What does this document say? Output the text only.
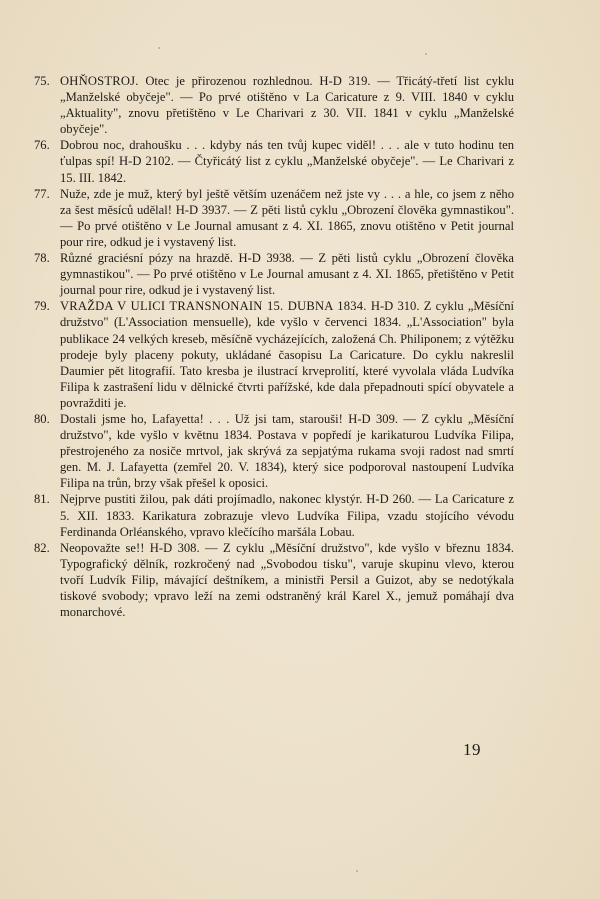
75. OHŇOSTROJ. Otec je přirozenou rozhlednou. H-D 319. — Třicátý-třetí list cyklu „Manželské obyčeje". — Po prvé otištěno v La Caricature z 9. VIII. 1840 v cyklu „Aktuality", znovu přetištěno v Le Charivari z 30. VII. 1841 v cyklu „Manželské obyčeje".
76. Dobrou noc, drahoušku . . . kdyby nás ten tvůj kupec viděl! . . . ale v tuto hodinu ten ťulpas spí! H-D 2102. — Čtyřicátý list z cyklu „Manželské obyčeje". — Le Charivari z 15. III. 1842.
77. Nuže, zde je muž, který byl ještě větším uzenáčem než jste vy . . . a hle, co jsem z něho za šest měsíců udělal! H-D 3937. — Z pěti listů cyklu „Obrození člověka gymnastikou". — Po prvé otištěno v Le Journal amusant z 4. XI. 1865, znovu otištěno v Petit journal pour rire, odkud je i vystavený list.
78. Různé graciésní pózy na hrazdě. H-D 3938. — Z pěti listů cyklu „Obrození člověka gymnastikou". — Po prvé otištěno v Le Journal amusant z 4. XI. 1865, přetištěno v Petit journal pour rire, odkud je i vystavený list.
79. VRAŽDA V ULICI TRANSNONAIN 15. DUBNA 1834. H-D 310. Z cyklu „Měsíční družstvo" (L'Association mensuelle), kde vyšlo v červenci 1834. „L'Association" byla publikace 24 velkých kreseb, měsíčně vycházejících, založená Ch. Philiponem; z výtěžku prodeje byly placeny pokuty, ukládané časopisu La Caricature. Do cyklu nakreslil Daumier pět litografií. Tato kresba je ilustrací krveprolití, které vyvolala vláda Ludvíka Filipa k zastrašení lidu v dělnické čtvrti pařížské, kde dala přepadnouti spící obyvatele a povražditi je.
80. Dostali jsme ho, Lafayetta! . . . Už jsi tam, starouši! H-D 309. — Z cyklu „Měsíční družstvo", kde vyšlo v květnu 1834. Postava v popředí je karikaturou Ludvíka Filipa, přestrojeného za nosiče mrtvol, jak skrývá za sepjatýma rukama svoji radost nad smrtí gen. M. J. Lafayetta (zemřel 20. V. 1834), který sice podporoval nastoupení Ludvíka Filipa na trůn, brzy však přešel k oposici.
81. Nejprve pustiti žilou, pak dáti projímadlo, nakonec klystýr. H-D 260. — La Caricature z 5. XII. 1833. Karikatura zobrazuje vlevo Ludvíka Filipa, vzadu stojícího vévodu Ferdinanda Orléanského, vpravo klečícího maršála Lobau.
82. Neopovažte se!! H-D 308. — Z cyklu „Měsíční družstvo", kde vyšlo v březnu 1834. Typografický dělník, rozkročený nad „Svobodou tisku", varuje skupinu vlevo, kterou tvoří Ludvík Filip, mávající deštníkem, a ministři Persil a Guizot, aby se nedotýkala tiskové svobody; vpravo leží na zemi odstraněný král Karel X., jemuž pomáhají dva monarchové.
19
